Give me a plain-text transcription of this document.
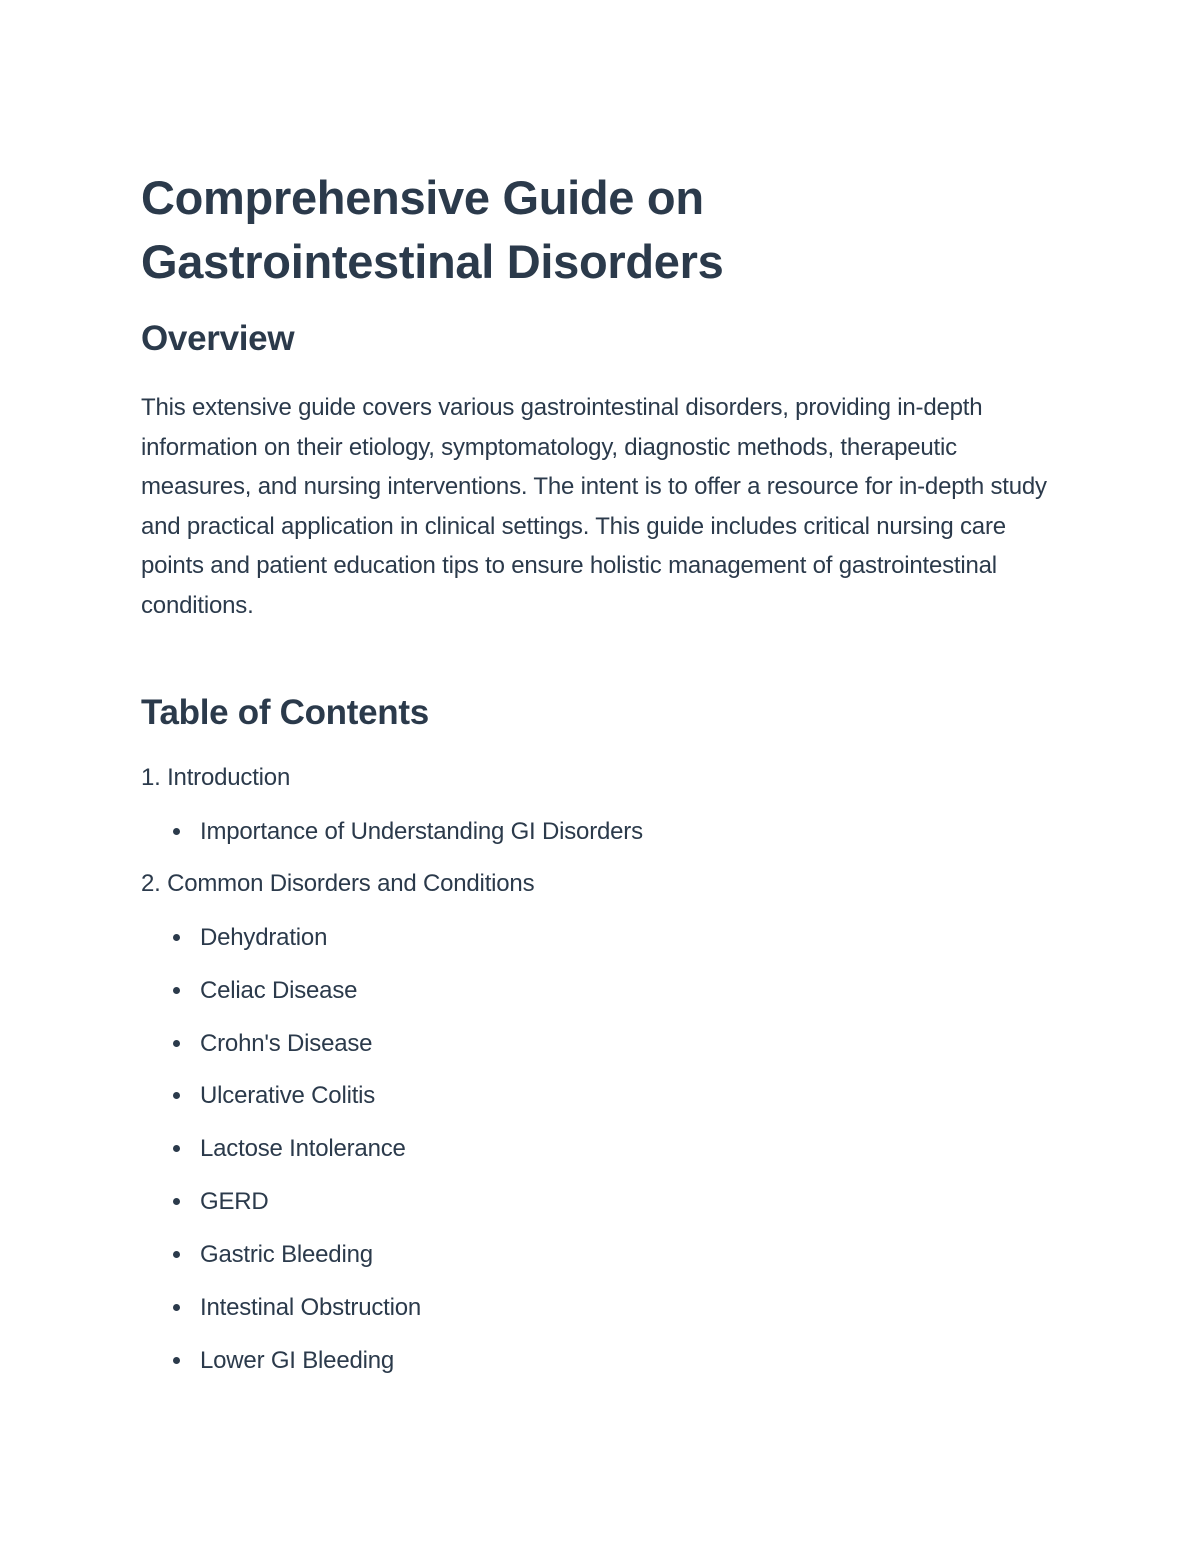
Comprehensive Guide on Gastrointestinal Disorders
Overview

This extensive guide covers various gastrointestinal disorders, providing in-depth information on their etiology, symptomatology, diagnostic methods, therapeutic measures, and nursing interventions. The intent is to offer a resource for in-depth study and practical application in clinical settings. This guide includes critical nursing care points and patient education tips to ensure holistic management of gastrointestinal conditions.

Table of Contents
1. Introduction
Importance of Understanding GI Disorders
2. Common Disorders and Conditions
Dehydration
Celiac Disease
Crohn's Disease
Ulcerative Colitis
Lactose Intolerance
GERD
Gastric Bleeding
Intestinal Obstruction
Lower GI Bleeding
